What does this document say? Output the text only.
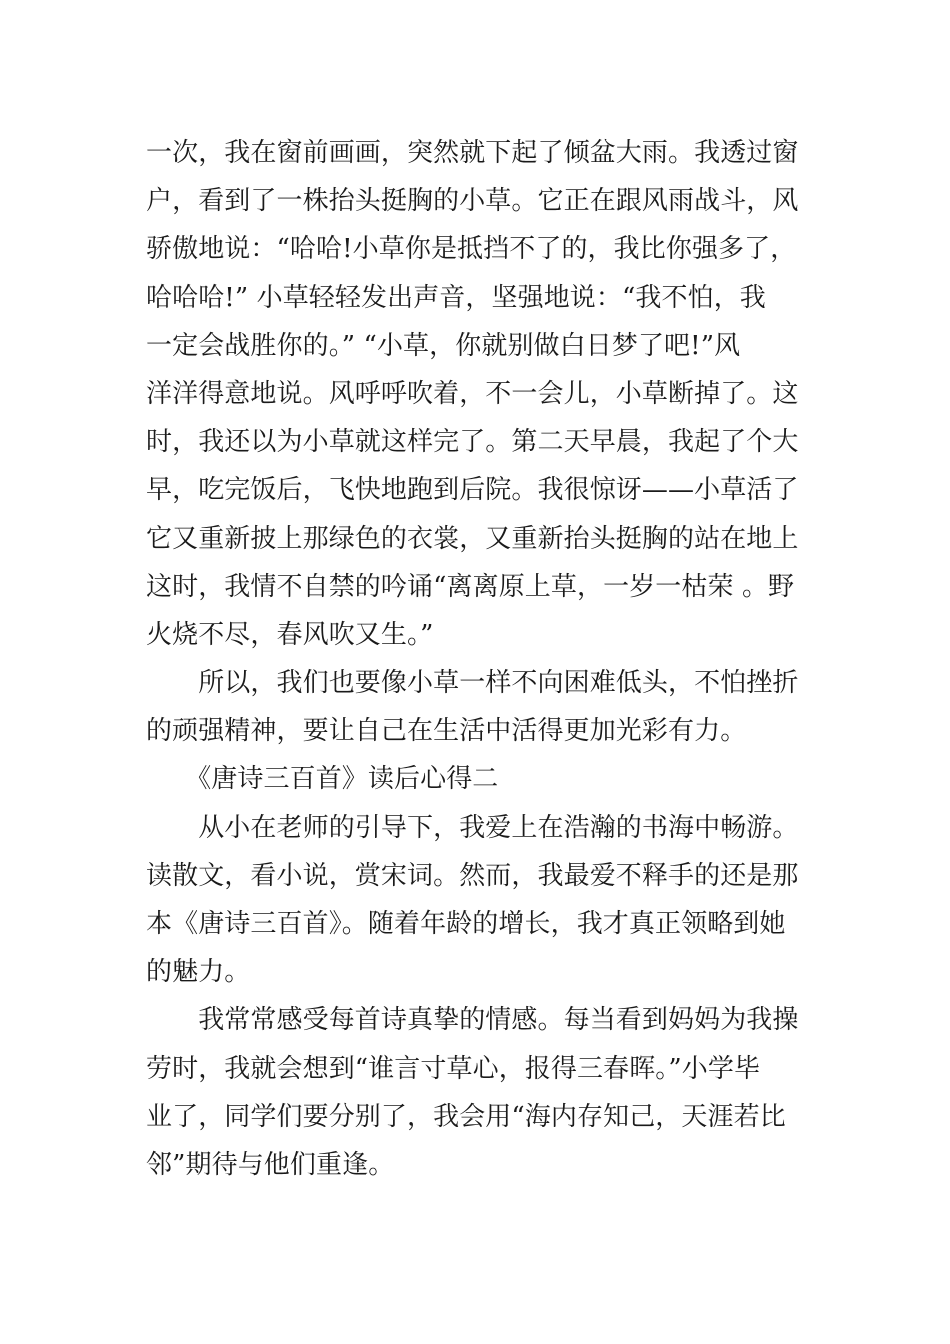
一次，我在窗前画画，突然就下起了倾盆大雨。我透过窗
户，看到了一株抬头挺胸的小草。它正在跟风雨战斗，风
骄傲地说：“哈哈!小草你是抵挡不了的，我比你强多了，
哈哈哈!” 小草轻轻发出声音，坚强地说：“我不怕，我
一定会战胜你的。” “小草，你就别做白日梦了吧!”风
洋洋得意地说。风呼呼吹着，不一会儿，小草断掉了。这
时，我还以为小草就这样完了。第二天早晨，我起了个大
早，吃完饭后，飞快地跑到后院。我很惊讶——小草活了
它又重新披上那绿色的衣裳，又重新抬头挺胸的站在地上
这时，我情不自禁的吟诵“离离原上草，一岁一枯荣 。野
火烧不尽，春风吹又生。”
　　所以，我们也要像小草一样不向困难低头，不怕挫折
的顽强精神，要让自己在生活中活得更加光彩有力。
　　《唐诗三百首》读后心得二
　　从小在老师的引导下，我爱上在浩瀚的书海中畅游。
读散文，看小说，赏宋词。然而，我最爱不释手的还是那
本《唐诗三百首》。随着年龄的增长，我才真正领略到她
的魅力。
　　我常常感受每首诗真挚的情感。每当看到妈妈为我操
劳时，我就会想到“谁言寸草心，报得三春晖。”小学毕
业了，同学们要分别了，我会用“海内存知己，天涯若比
邻”期待与他们重逢。
